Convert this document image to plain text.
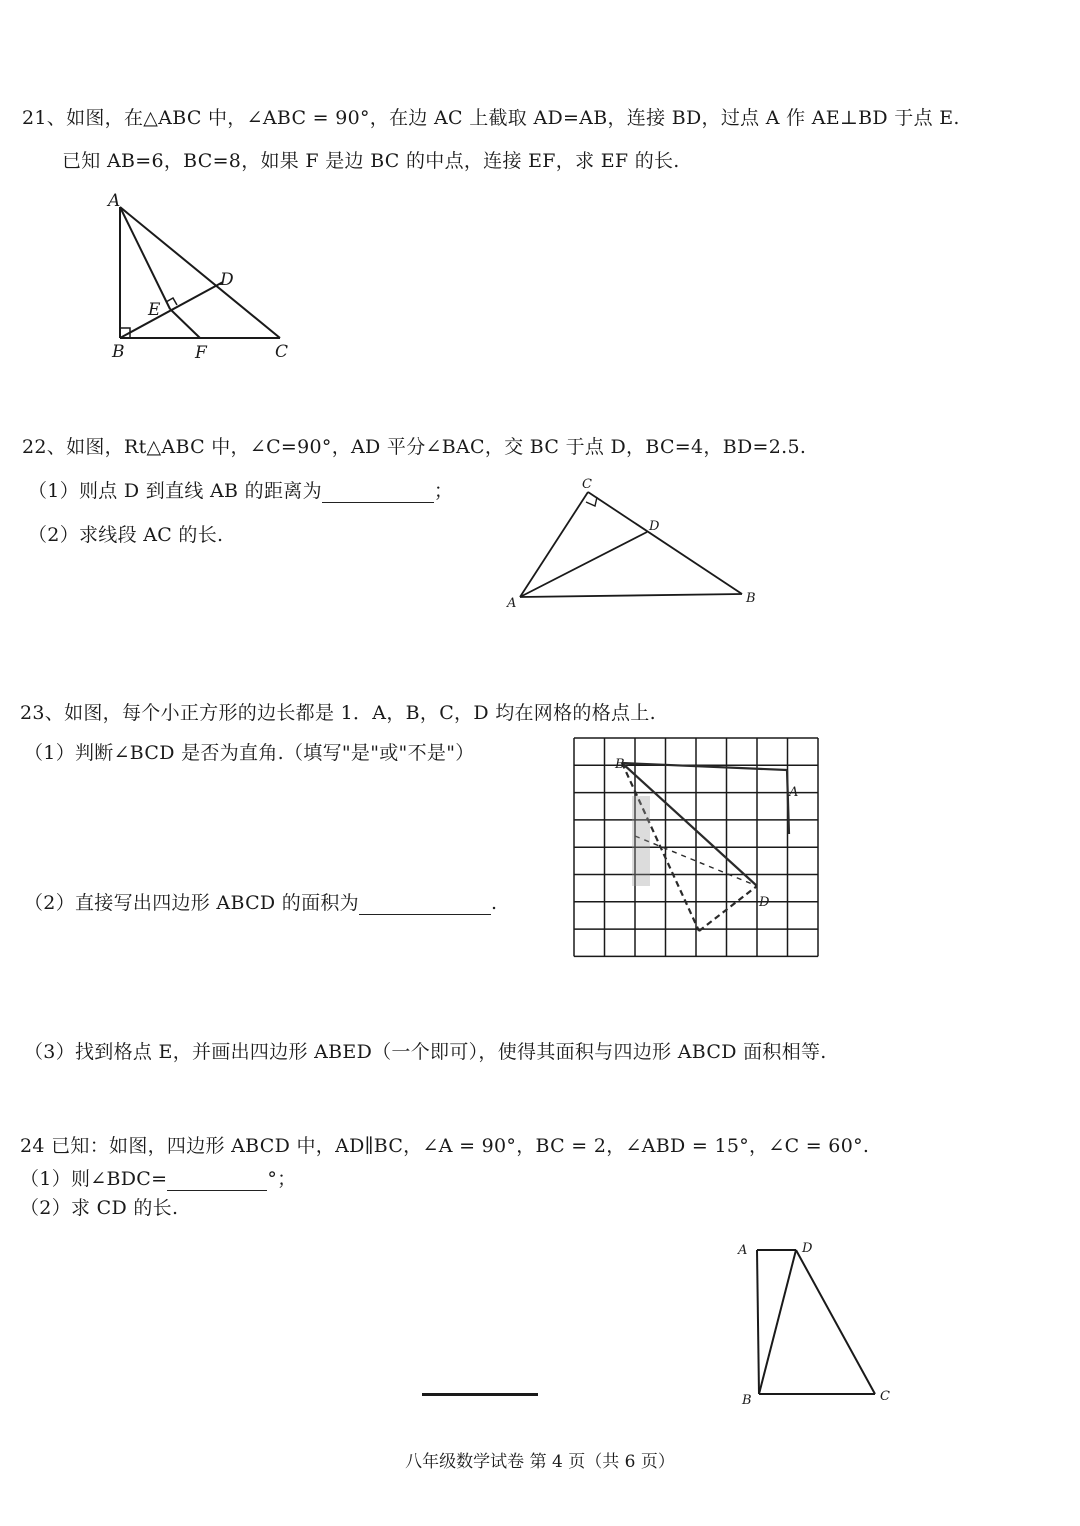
21、如图，在△ABC 中，∠ABC = 90°，在边 AC 上截取 AD=AB，连接 BD，过点 A 作 AE⊥BD 于点 E.
已知 AB=6，BC=8，如果 F 是边 BC 的中点，连接 EF，求 EF 的长.
A
B	C
D
E
F
22、如图，Rt△ABC 中，∠C=90°，AD 平分∠BAC，交 BC 于点 D，BC=4，BD=2.5.
（1）则点 D 到直线 AB 的距离为	；
（2）求线段 AC 的长.
C
D
A	B
23、如图，每个小正方形的边长都是 1．A，B，C，D 均在网格的格点上.
（1）判断∠BCD 是否为直角.（填写"是"或"不是"）
（2）直接写出四边形 ABCD 的面积为	.
（3）找到格点 E，并画出四边形 ABED（一个即可），使得其面积与四边形 ABCD 面积相等.
B
A
D
24 已知：如图，四边形 ABCD 中，AD∥BC，∠A = 90°，BC = 2，∠ABD = 15°，∠C = 60°.
（1）则∠BDC=	°；
（2）求 CD 的长.
A	D
B	C
八年级数学试卷 第 4 页（共 6 页）
